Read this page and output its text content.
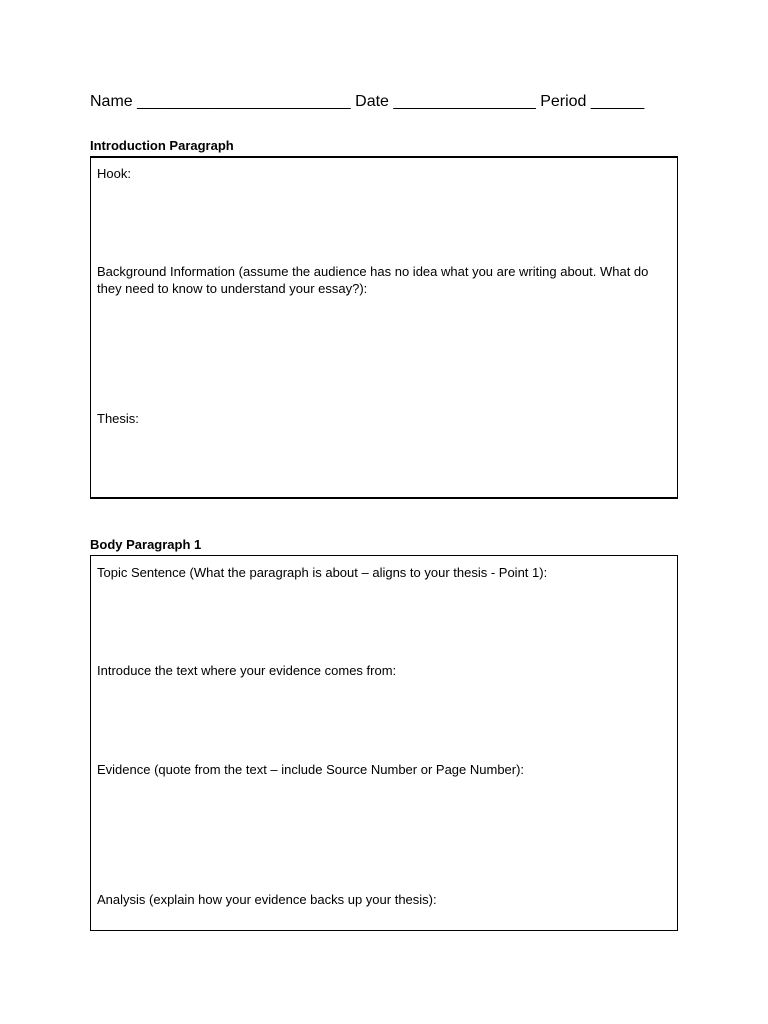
Name ________________________ Date ________________ Period ______
Introduction Paragraph
Hook:
Background Information (assume the audience has no idea what you are writing about. What do they need to know to understand your essay?):
Thesis:
Body Paragraph 1
Topic Sentence (What the paragraph is about – aligns to your thesis - Point 1):
Introduce the text where your evidence comes from:
Evidence (quote from the text – include Source Number or Page Number):
Analysis (explain how your evidence backs up your thesis):
